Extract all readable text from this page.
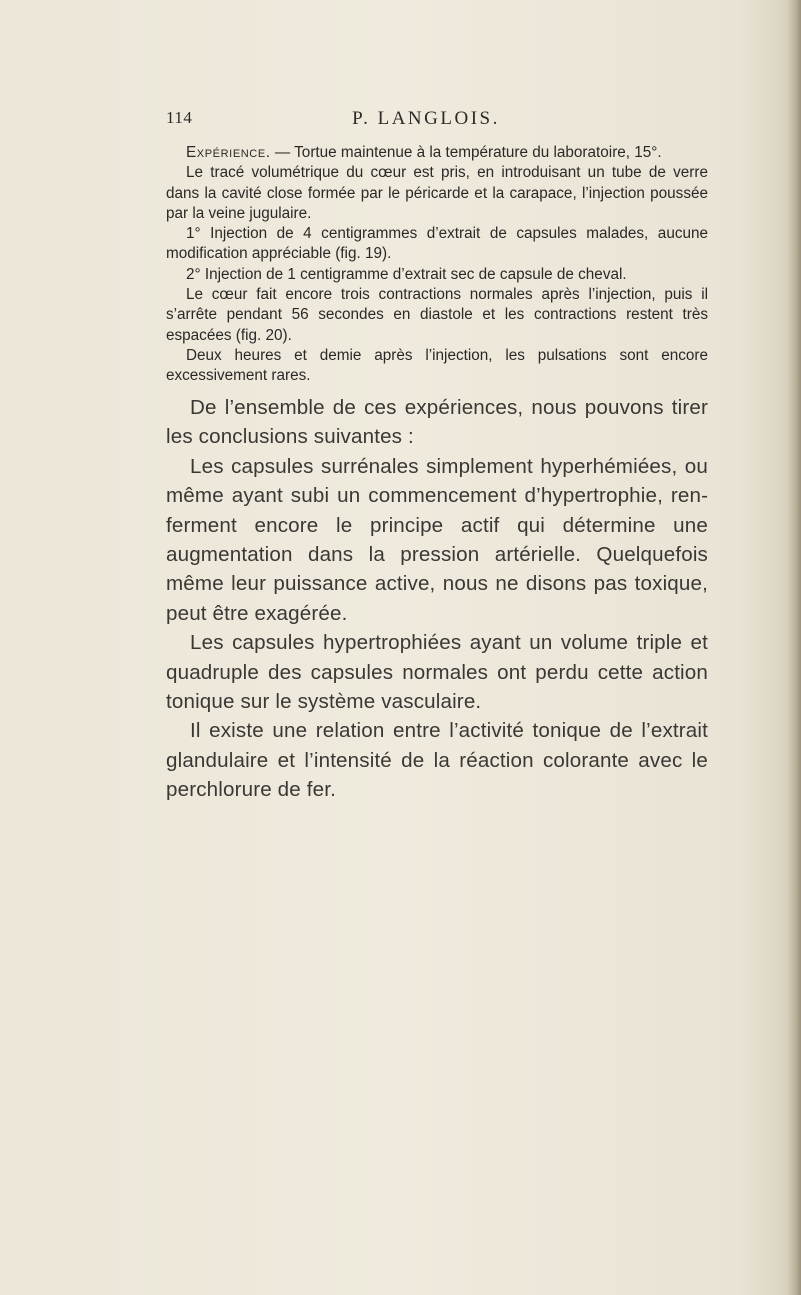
114	P. LANGLOIS.

Expérience. — Tortue maintenue à la température du laboratoire, 15°.

Le tracé volumétrique du cœur est pris, en introduisant un tube de verre dans la cavité close formée par le péricarde et la carapace, l’injection poussée par la veine jugulaire.

1° Injection de 4 centigrammes d’extrait de capsules malades, aucune modification appréciable (fig. 19).

2° Injection de 1 centigramme d’extrait sec de capsule de cheval.

Le cœur fait encore trois contractions normales après l’injection, puis il s’arrête pendant 56 secondes en diastole et les contractions restent très espacées (fig. 20).

Deux heures et demie après l’injection, les pulsations sont encore excessivement rares.

De l’ensemble de ces expériences, nous pouvons tirer les conclusions suivantes :

Les capsules surrénales simplement hyperhémiées, ou même ayant subi un commencement d’hypertrophie, renferment encore le principe actif qui détermine une augmentation dans la pression artérielle. Quelquefois même leur puissance active, nous ne disons pas toxique, peut être exagérée.

Les capsules hypertrophiées ayant un volume triple et quadruple des capsules normales ont perdu cette action tonique sur le système vasculaire.

Il existe une relation entre l’activité tonique de l’extrait glandulaire et l’intensité de la réaction colorante avec le perchlorure de fer.
